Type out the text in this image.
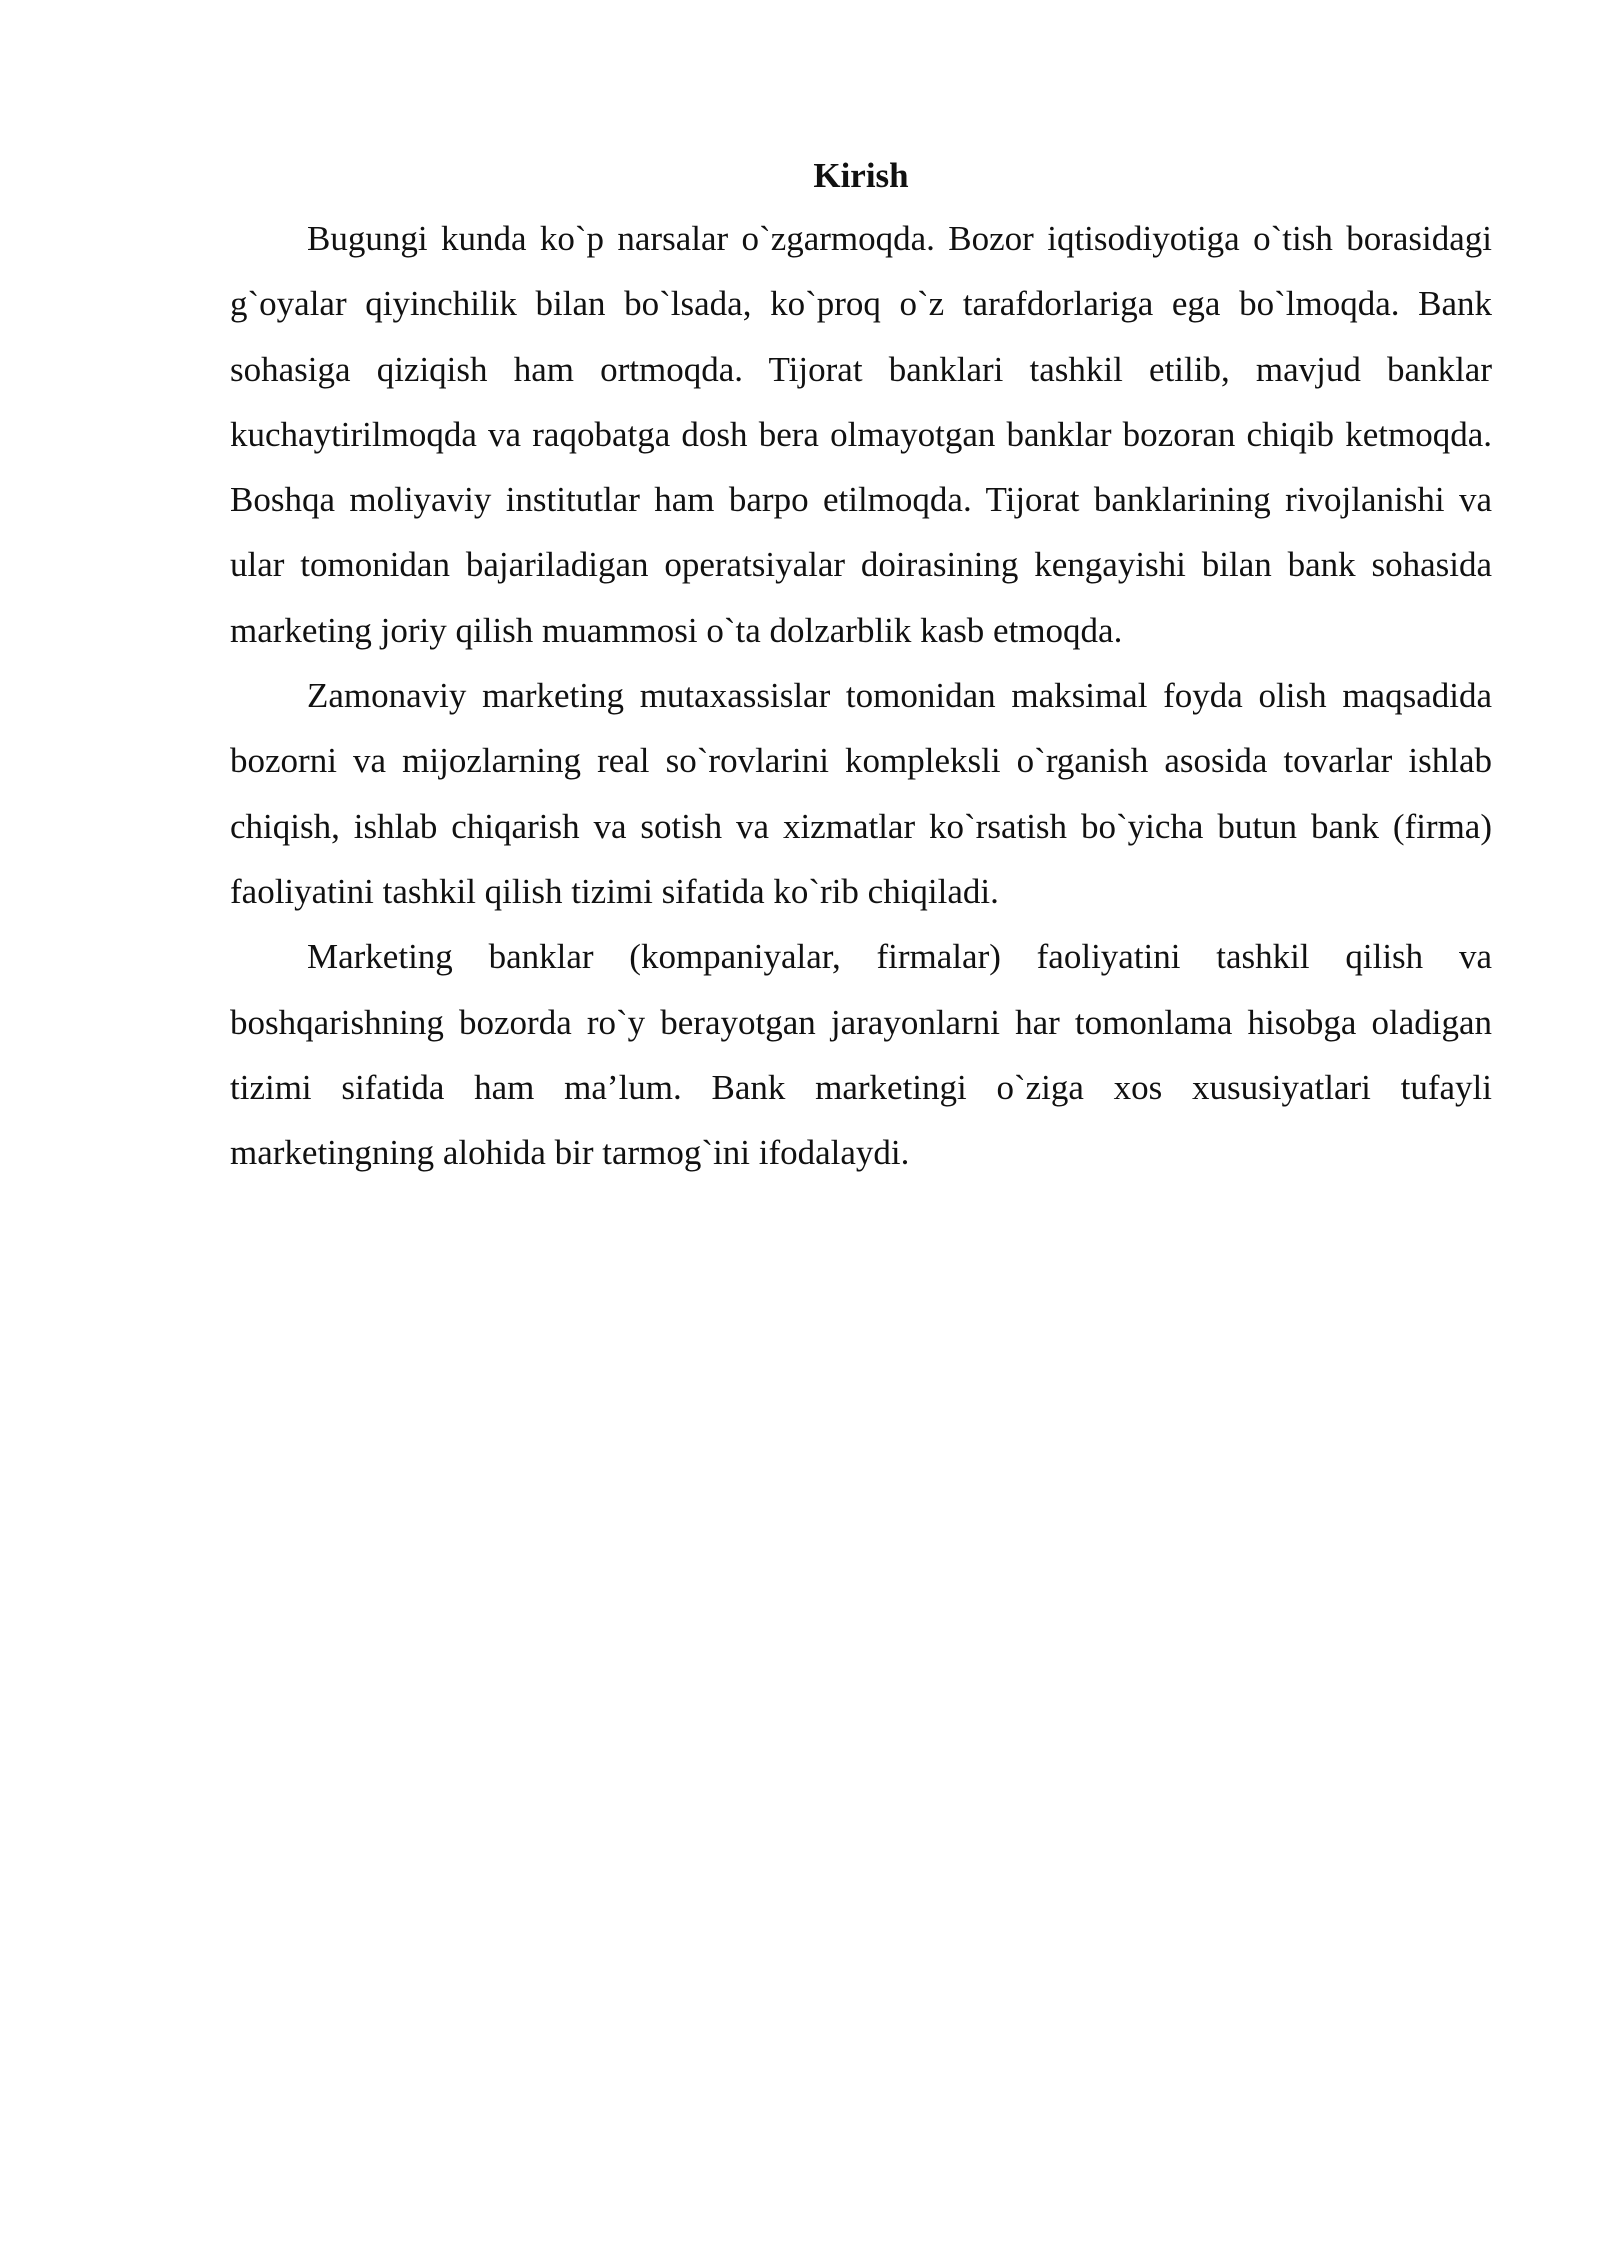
Kirish

Bugungi kunda ko`p narsalar o`zgarmoqda. Bozor iqtisodiyotiga o`tish borasidagi g`oyalar qiyinchilik bilan bo`lsada, ko`proq o`z tarafdorlariga ega bo`lmoqda. Bank sohasiga qiziqish ham ortmoqda. Tijorat banklari tashkil etilib, mavjud banklar kuchaytirilmoqda va raqobatga dosh bera olmayotgan banklar bozoran chiqib ketmoqda. Boshqa moliyaviy institutlar ham barpo etilmoqda. Tijorat banklarining rivojlanishi va ular tomonidan bajariladigan operatsiyalar doirasining kengayishi bilan bank sohasida marketing joriy qilish muammosi o`ta dolzarblik kasb etmoqda.

Zamonaviy marketing mutaxassislar tomonidan maksimal foyda olish maqsadida bozorni va mijozlarning real so`rovlarini kompleksli o`rganish asosida tovarlar ishlab chiqish, ishlab chiqarish va sotish va xizmatlar ko`rsatish bo`yicha butun bank (firma) faoliyatini tashkil qilish tizimi sifatida ko`rib chiqiladi.

Marketing banklar (kompaniyalar, firmalar) faoliyatini tashkil qilish va boshqarishning bozorda ro`y berayotgan jarayonlarni har tomonlama hisobga oladigan tizimi sifatida ham ma’lum. Bank marketingi o`ziga xos xususiyatlari tufayli marketingning alohida bir tarmog`ini ifodalaydi.
